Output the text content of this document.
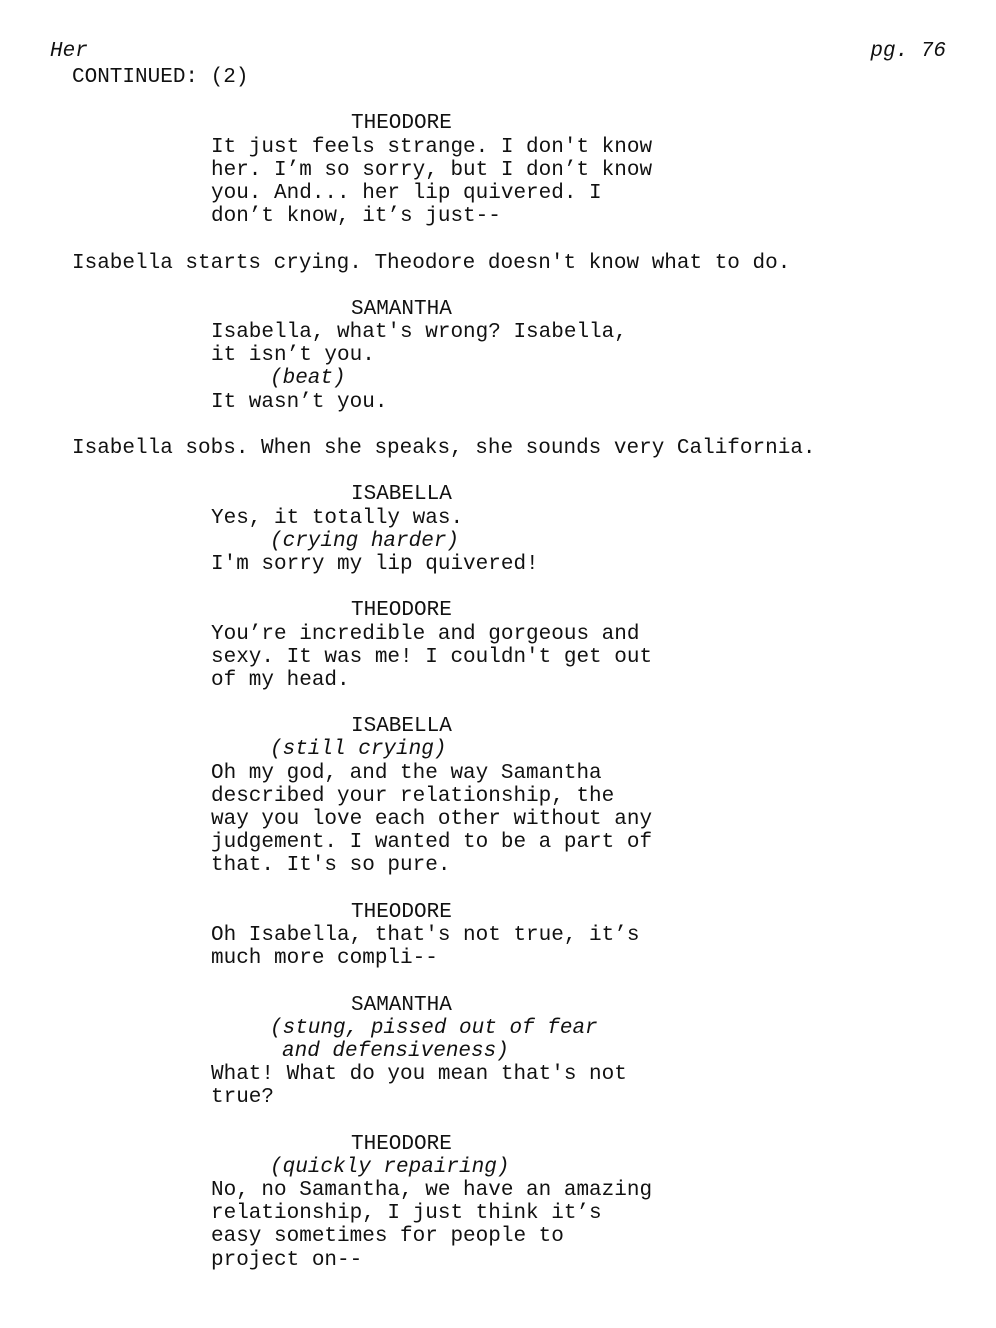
Her	pg. 76
CONTINUED: (2)
THEODORE
It just feels strange. I don't know
her. I’m so sorry, but I don’t know
you. And... her lip quivered. I
don’t know, it’s just--
Isabella starts crying. Theodore doesn't know what to do.
SAMANTHA
Isabella, what's wrong? Isabella,
it isn’t you.
(beat)
It wasn’t you.
Isabella sobs. When she speaks, she sounds very California.
ISABELLA
Yes, it totally was.
(crying harder)
I'm sorry my lip quivered!
THEODORE
You’re incredible and gorgeous and
sexy. It was me! I couldn't get out
of my head.
ISABELLA
(still crying)
Oh my god, and the way Samantha
described your relationship, the
way you love each other without any
judgement. I wanted to be a part of
that. It's so pure.
THEODORE
Oh Isabella, that's not true, it’s
much more compli--
SAMANTHA
(stung, pissed out of fear
and defensiveness)
What! What do you mean that's not
true?
THEODORE
(quickly repairing)
No, no Samantha, we have an amazing
relationship, I just think it’s
easy sometimes for people to
project on--
